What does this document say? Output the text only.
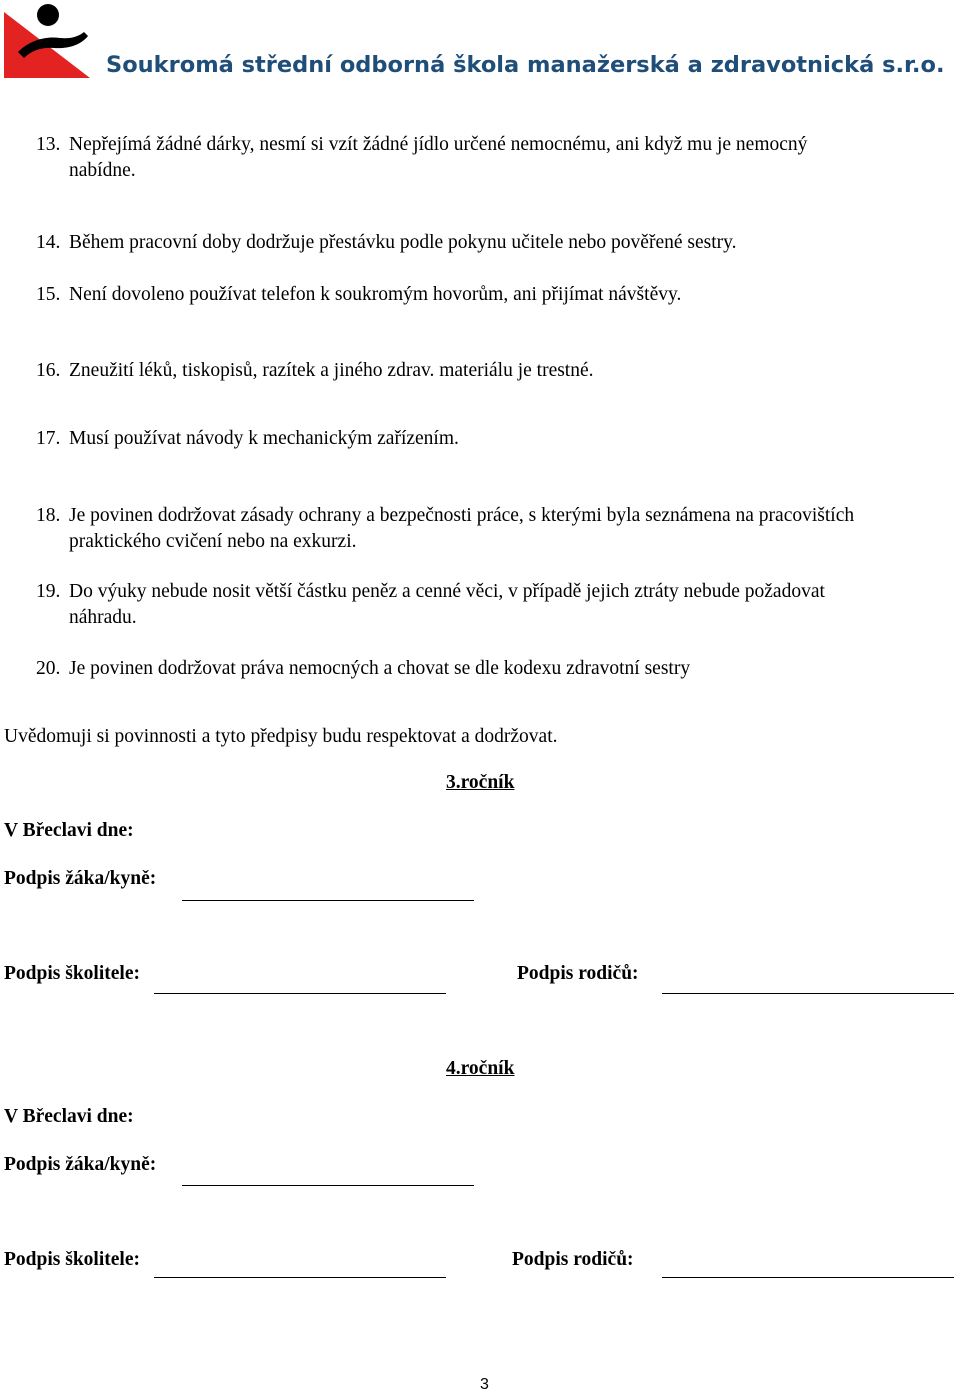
Soukromá střední odborná škola manažerská a zdravotnická s.r.o.
13. Nepřejímá žádné dárky, nesmí si vzít žádné jídlo určené nemocnému, ani když mu je nemocný
nabídne.
14. Během pracovní doby dodržuje přestávku podle pokynu učitele nebo pověřené sestry.
15. Není dovoleno používat telefon k soukromým hovorům, ani přijímat návštěvy.
16. Zneužití léků, tiskopisů, razítek a jiného zdrav. materiálu je trestné.
17. Musí používat návody k mechanickým zařízením.
18. Je povinen dodržovat zásady ochrany a bezpečnosti práce, s kterými byla seznámena na pracovištích
praktického cvičení nebo na exkurzi.
19. Do výuky nebude nosit větší částku peněz a cenné věci, v případě jejich ztráty nebude požadovat
náhradu.
20. Je povinen dodržovat práva nemocných a chovat se dle kodexu zdravotní sestry
Uvědomuji si povinnosti a tyto předpisy budu respektovat a dodržovat.
3.ročník
V Břeclavi dne:
Podpis žáka/kyně:
Podpis školitele:	Podpis rodičů:
4.ročník
V Břeclavi dne:
Podpis žáka/kyně:
Podpis školitele:	Podpis rodičů:
3
